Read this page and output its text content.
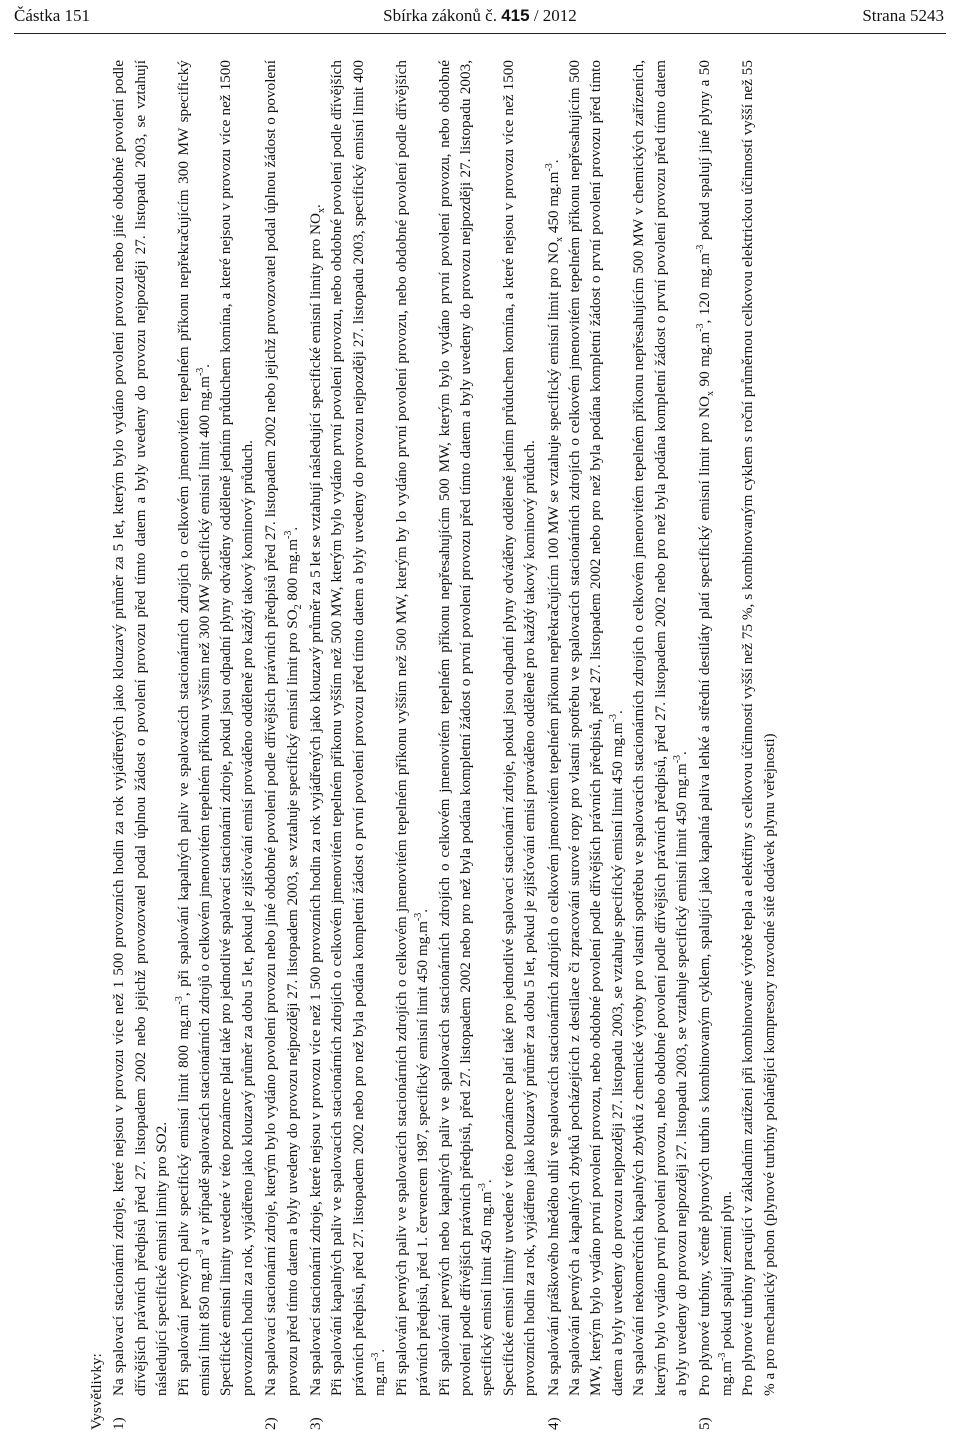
Částka 151	Sbírka zákonů č. 415 / 2012	Strana 5243
Vysvětlivky: 1)

Na spalovací stacionární zdroje, které nejsou v provozu více než 1 500 provozních hodin za rok vyjádřených jako klouzavý průměr za 5 let, kterým bylo vydáno povolení provozu nebo jiné obdobné povolení podle dřívějších právních předpisů před 27. listopadem 2002 nebo jejichž provozovatel podal úplnou žádost o povolení provozu před tímto datem a byly uvedeny do provozu nejpozději 27. listopadu 2003, se vztahují následující specifické emisní limity pro SO2. Při spalování pevných paliv specifický emisní limit 800 $mg.m^{-3}$, při spalování kapalných paliv ve spalovacích stacionárních zdrojích o celkovém jmenovitém tepelném příkonu nepřekračujícím 300 MW specifický emisní limit 850 $mg.m^{-3}$ a v případě spalovacích stacionárních zdrojů o celkovém jmenovitém tepelném příkonu vyšším než 300 MW specifický emisní limit 400 $mg.m^{-3}$. Specifické emisní limity uvedené v této poznámce platí také pro jednotlivé spalovací stacionární zdroje, pokud jsou odpadní plyny odváděny odděleně jedním průduchem komína, a které nejsou v provozu více než 1500 provozních hodin za rok, vyjádřeno jako klouzavý průměr za dobu 5 let, pokud je zjišťování emisí prováděno odděleně pro každý takový kominový průduch.

2)

Na spalovací stacionární zdroje, kterým bylo vydáno povolení provozu nebo jiné obdobné povolení podle dřívějších právních předpisů před 27. listopadem 2002 nebo jejichž provozovatel podal úplnou žádost o povolení provozu před tímto datem a byly uvedeny do provozu nejpozději 27. listopadem 2003, se vztahuje specifický emisní limit pro $SO_2$ 800 $mg.m^{-3}$.

3)

Na spalovací stacionární zdroje, které nejsou v provozu více než 1 500 provozních hodin za rok vyjádřených jako klouzavý průměr za 5 let se vztahují následující specifické emisní limity pro $NO_x$. Při spalování kapalných paliv ve spalovacích stacionárních zdrojích o celkovém jmenovitém tepelném příkonu vyšším než 500 MW, kterým bylo vydáno první povolení provozu, nebo obdobné povolení podle dřívějších právních předpisů, před 27. listopadem 2002 nebo pro než byla podána kompletní žádost o první povolení provozu před tímto datem a byly uvedeny do provozu nejpozději 27. listopadu 2003, specifický emisní limit 400 $mg.m^{-3}$. Při spalování pevných paliv ve spalovacích stacionárních zdrojích o celkovém jmenovitém tepelném příkonu vyšším než 500 MW, kterým by lo vydáno první povolení provozu, nebo obdobné povolení podle dřívějších právních předpisů, před 1. červencem 1987, specifický emisní limit 450 $mg.m^{-3}$. Při spalování pevných nebo kapalných paliv ve spalovacích stacionárních zdrojích o celkovém jmenovitém tepelném příkonu nepřesahujícím 500 MW, kterým bylo vydáno první povolení provozu, nebo obdobné povolení podle dřívějších právních předpisů, před 27. listopadem 2002 nebo pro než byla podána kompletní žádost o první povolení provozu před tímto datem a byly uvedeny do provozu nejpozději 27. listopadu 2003, specifický emisní limit 450 $mg.m^{-3}$. Specifické emisní limity uvedené v této poznámce platí také pro jednotlivé spalovací stacionární zdroje, pokud jsou odpadní plyny odváděny odděleně jedním průduchem komína, a které nejsou v provozu více než 1500 provozních hodin za rok, vyjádřeno jako klouzavý průměr za dobu 5 let, pokud je zjišťování emisí prováděno odděleně pro každý takový kominový průduch.

4)

Na spalování práškového hnědého uhlí ve spalovacích stacionárních zdrojích o celkovém jmenovitém tepelném příkonu nepřekračujícím 100 MW se vztahuje specifický emisní limit pro $NO_x$ 450 $mg.m^{-3}$. Na spalování pevných a kapalných zbytků pocházejících z destilace či zpracování surové ropy pro vlastní spotřebu ve spalovacích stacionárních zdrojích o celkovém jmenovitém tepelném příkonu nepřesahujícím 500 MW, kterým bylo vydáno první povolení provozu, nebo obdobné povolení podle dřívějších právních předpisů, před 27. listopadem 2002 nebo pro než byla podána kompletní žádost o první povolení provozu před tímto datem a byly uvedeny do provozu nejpozději 27. listopadu 2003, se vztahuje specifický emisní limit 450 $mg.m^{-3}$. Na spalování nekomerčních kapalných zbytků z chemické výroby pro vlastní spotřebu ve spalovacích stacionárních zdrojích o celkovém jmenovitém tepelném příkonu nepřesahujícím 500 MW v chemických zařízeních, kterým bylo vydáno první povolení provozu, nebo obdobné povolení podle dřívějších právních předpisů, před 27. listopadem 2002 nebo pro než byla podána kompletní žádost o první povolení provozu před tímto datem a byly uvedeny do provozu nejpozději 27. listopadu 2003, se vztahuje specifický emisní limit 450 $mg.m^{-3}$.

5)

Pro plynové turbíny, včetně plynových turbín s kombinovaným cyklem, spalující jako kapalná paliva lehké a střední destiláty platí specifický emisní limit pro $NO_x$ 90 $mg.m^{-3}$, 120 $mg.m^{-3}$ pokud spalují jiné plyny a 50 $mg.m^{-3}$ pokud spalují zemní plyn. Pro plynové turbíny pracující v základním zatížení při kombinované výrobě tepla a elektřiny s celkovou účinností vyšší než 75 %, s kombinovaným cyklem s roční průměrnou celkovou elektrickou účinností vyšší než 55 % a pro mechanický pohon (plynové turbíny pohánějící kompresory rozvodné sítě dodávek plynu veřejnosti)
